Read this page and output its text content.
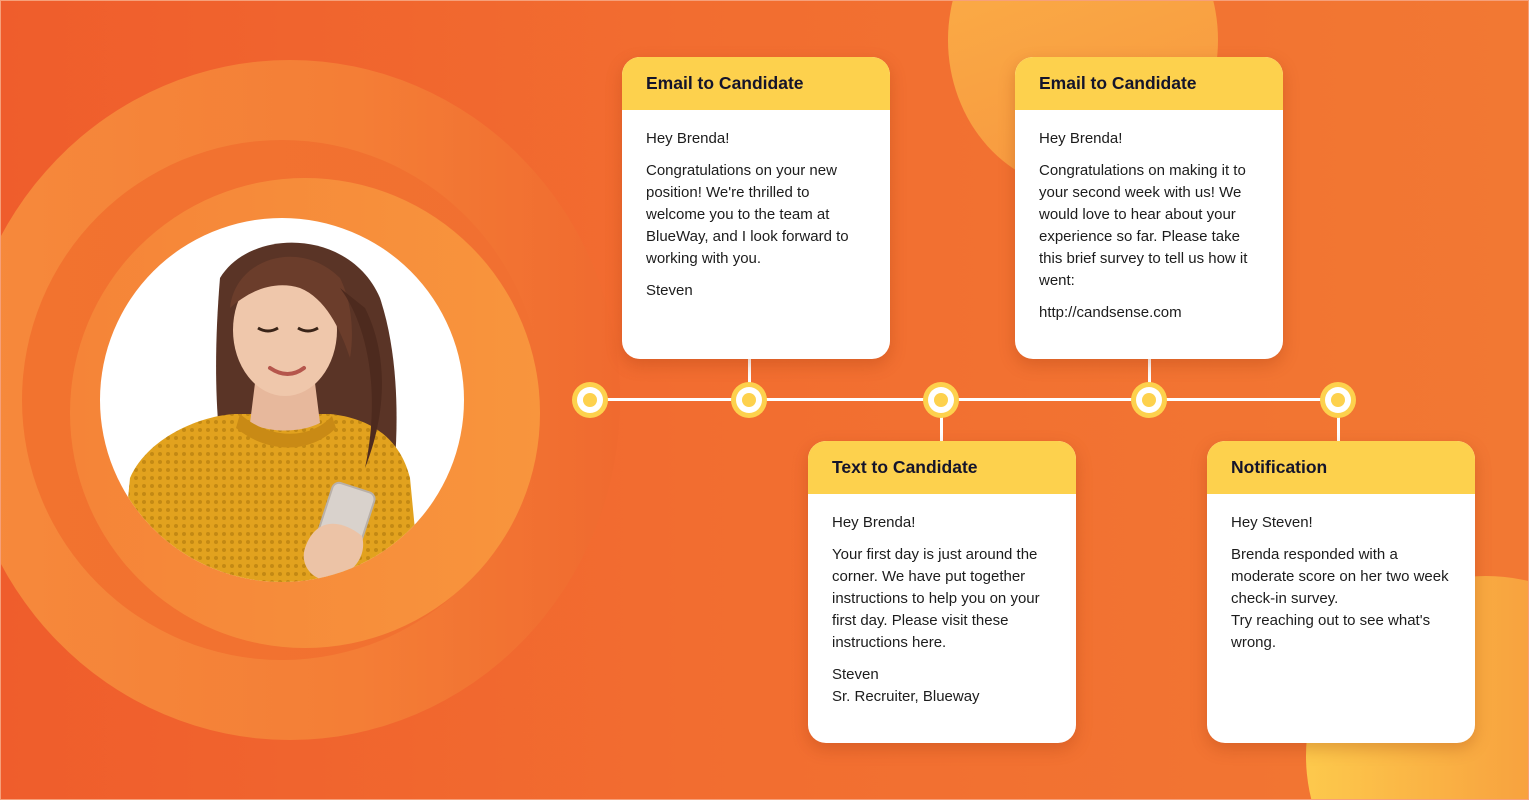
Email to Candidate

Hey Brenda!

Congratulations on your new position! We're thrilled to welcome you to the team at BlueWay, and I look forward to working with you.

Steven

Email to Candidate

Hey Brenda!

Congratulations on making it to your second week with us! We would love to hear about your experience so far. Please take this brief survey to tell us how it went:

http://candsense.com

Text to Candidate

Hey Brenda!

Your first day is just around the corner. We have put together instructions to help you on your first day. Please visit these instructions here.

Steven

Sr. Recruiter, Blueway

Notification

Hey Steven!

Brenda responded with a moderate score on her two week check-in survey.

Try reaching out to see what's wrong.
